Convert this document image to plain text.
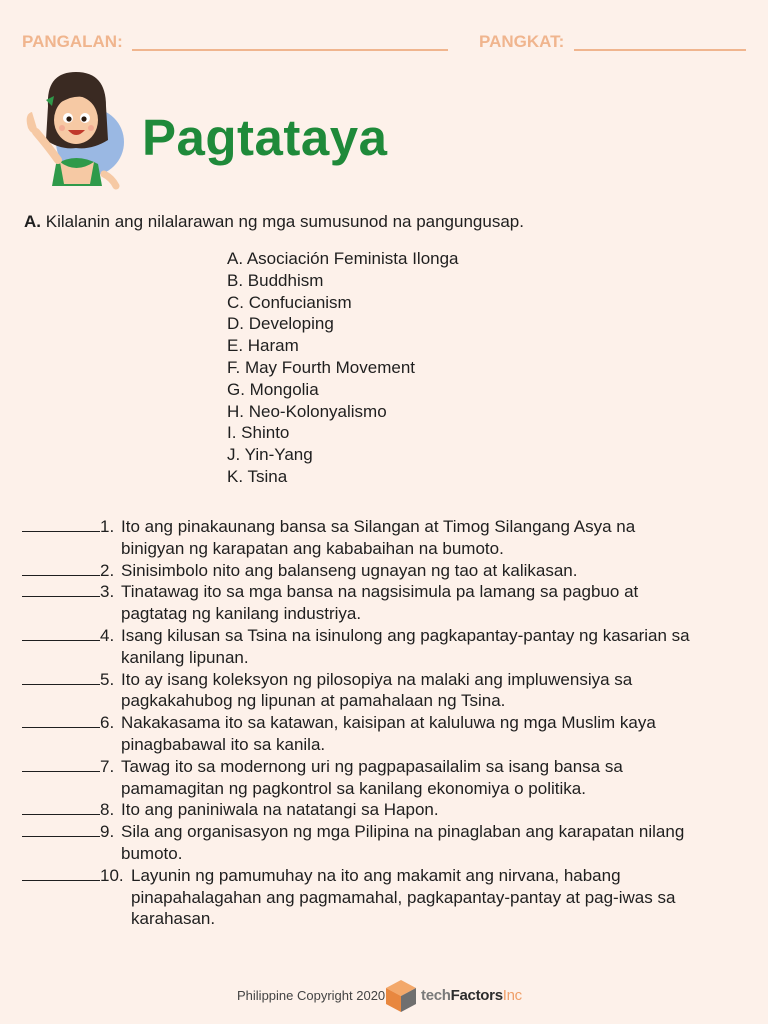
PANGALAN:	PANGKAT:
Pagtataya
A. Kilalanin ang nilalarawan ng mga sumusunod na pangungusap.
A. Asociación Feminista Ilonga
B. Buddhism
C. Confucianism
D. Developing
E. Haram
F. May Fourth Movement
G. Mongolia
H. Neo-Kolonyalismo
I. Shinto
J. Yin-Yang
K. Tsina
1. Ito ang pinakaunang bansa sa Silangan at Timog Silangang Asya na
binigyan ng karapatan ang kababaihan na bumoto.
2. Sinisimbolo nito ang balanseng ugnayan ng tao at kalikasan.
3. Tinatawag ito sa mga bansa na nagsisimula pa lamang sa pagbuo at
pagtatag ng kanilang industriya.
4. Isang kilusan sa Tsina na isinulong ang pagkapantay-pantay ng kasarian sa
kanilang lipunan.
5. Ito ay isang koleksyon ng pilosopiya na malaki ang impluwensiya sa
pagkakahubog ng lipunan at pamahalaan ng Tsina.
6. Nakakasama ito sa katawan, kaisipan at kaluluwa ng mga Muslim kaya
pinagbabawal ito sa kanila.
7. Tawag ito sa modernong uri ng pagpapasailalim sa isang bansa sa
pamamagitan ng pagkontrol sa kanilang ekonomiya o politika.
8. Ito ang paniniwala na natatangi sa Hapon.
9. Sila ang organisasyon ng mga Pilipina na pinaglaban ang karapatan nilang
bumoto.
10. Layunin ng pamumuhay na ito ang makamit ang nirvana, habang
pinapahalagahan ang pagmamahal, pagkapantay-pantay at pag-iwas sa
karahasan.
Philippine Copyright 2020 techFactorsInc
